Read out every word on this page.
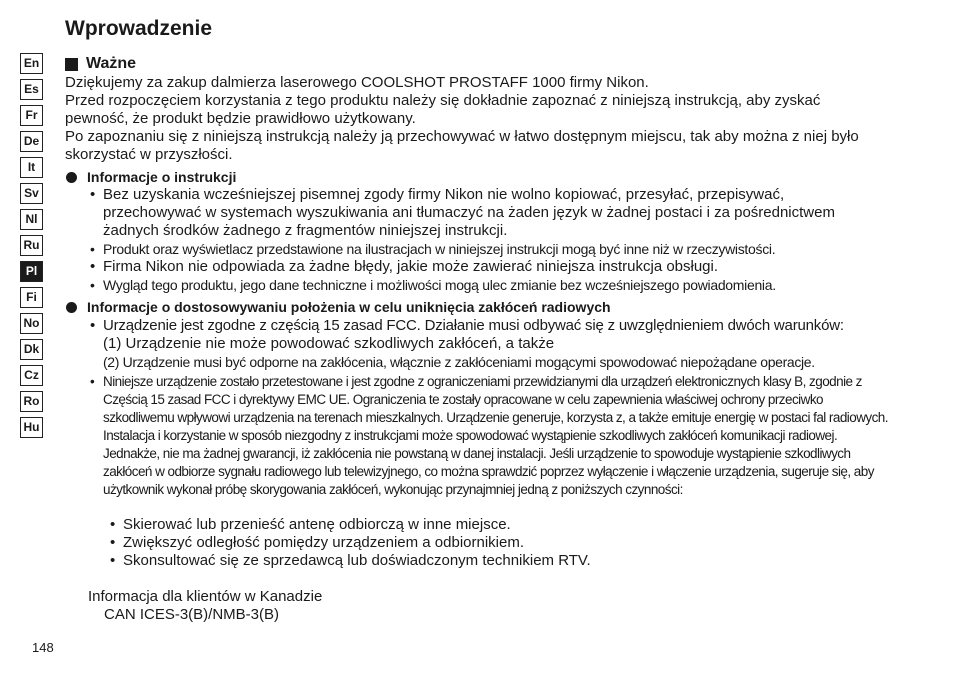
Wprowadzenie
En
Es
Fr
De
It
Sv
Nl
Ru
Pl
Fi
No
Dk
Cz
Ro
Hu
Ważne

Dziękujemy za zakup dalmierza laserowego COOLSHOT PROSTAFF 1000 firmy Nikon.

Przed rozpoczęciem korzystania z tego produktu należy się dokładnie zapoznać z niniejszą instrukcją, aby zyskać pewność, że produkt będzie prawidłowo użytkowany.

Po zapoznaniu się z niniejszą instrukcją należy ją przechowywać w łatwo dostępnym miejscu, tak aby można z niej było skorzystać w przyszłości.

Informacje o instrukcji
• Bez uzyskania wcześniejszej pisemnej zgody firmy Nikon nie wolno kopiować, przesyłać, przepisywać, przechowywać w systemach wyszukiwania ani tłumaczyć na żaden język w żadnej postaci i za pośrednictwem żadnych środków żadnego z fragmentów niniejszej instrukcji.
• Produkt oraz wyświetlacz przedstawione na ilustracjach w niniejszej instrukcji mogą być inne niż w rzeczywistości.
• Firma Nikon nie odpowiada za żadne błędy, jakie może zawierać niniejsza instrukcja obsługi.
• Wygląd tego produktu, jego dane techniczne i możliwości mogą ulec zmianie bez wcześniejszego powiadomienia.
Informacje o dostosowywaniu położenia w celu uniknięcia zakłóceń radiowych
• Urządzenie jest zgodne z częścią 15 zasad FCC. Działanie musi odbywać się z uwzględnieniem dwóch warunków:
(1) Urządzenie nie może powodować szkodliwych zakłóceń, a także
(2) Urządzenie musi być odporne na zakłócenia, włącznie z zakłóceniami mogącymi spowodować niepożądane operacje.
• Niniejsze urządzenie zostało przetestowane i jest zgodne z ograniczeniami przewidzianymi dla urządzeń elektronicznych klasy B, zgodnie z Częścią 15 zasad FCC i dyrektywy EMC UE. Ograniczenia te zostały opracowane w celu zapewnienia właściwej ochrony przeciwko szkodliwemu wpływowi urządzenia na terenach mieszkalnych. Urządzenie generuje, korzysta z, a także emituje energię w postaci fal radiowych. Instalacja i korzystanie w sposób niezgodny z instrukcjami może spowodować wystąpienie szkodliwych zakłóceń komunikacji radiowej. Jednakże, nie ma żadnej gwarancji, iż zakłócenia nie powstaną w danej instalacji. Jeśli urządzenie to spowoduje wystąpienie szkodliwych zakłóceń w odbiorze sygnału radiowego lub telewizyjnego, co można sprawdzić poprzez wyłączenie i włączenie urządzenia, sugeruje się, aby użytkownik wykonał próbę skorygowania zakłóceń, wykonując przynajmniej jedną z poniższych czynności:
• Skierować lub przenieść antenę odbiorczą w inne miejsce.
• Zwiększyć odległość pomiędzy urządzeniem a odbiornikiem.
• Skonsultować się ze sprzedawcą lub doświadczonym technikiem RTV.
Informacja dla klientów w Kanadzie
CAN ICES-3(B)/NMB-3(B)
148
